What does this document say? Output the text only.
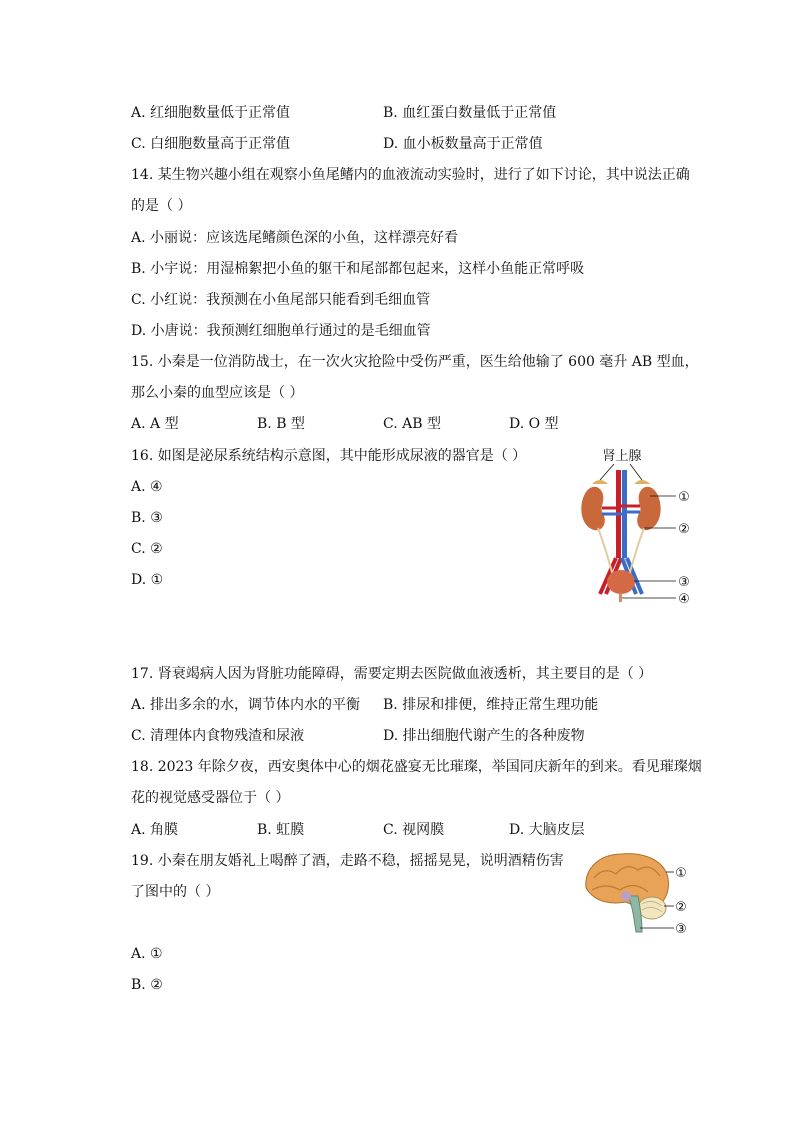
A. 红细胞数量低于正常值	B. 血红蛋白数量低于正常值
C. 白细胞数量高于正常值	D. 血小板数量高于正常值
14. 某生物兴趣小组在观察小鱼尾鳍内的血液流动实验时，进行了如下讨论，其中说法正确
的是（ ）
A. 小丽说：应该选尾鳍颜色深的小鱼，这样漂亮好看
B. 小宇说：用湿棉絮把小鱼的躯干和尾部都包起来，这样小鱼能正常呼吸
C. 小红说：我预测在小鱼尾部只能看到毛细血管
D. 小唐说：我预测红细胞单行通过的是毛细血管
15. 小秦是一位消防战士，在一次火灾抢险中受伤严重，医生给他输了 600 毫升 AB 型血，
那么小秦的血型应该是（ ）
A. A 型	B. B 型	C. AB 型	D. O 型
16. 如图是泌尿系统结构示意图，其中能形成尿液的器官是（ ）
A. ④
B. ③
C. ②
D. ①
肾上腺
①
②
③
④
17. 肾衰竭病人因为肾脏功能障碍，需要定期去医院做血液透析，其主要目的是（ ）
A. 排出多余的水，调节体内水的平衡 B. 排尿和排便，维持正常生理功能
C. 清理体内食物残渣和尿液	D. 排出细胞代谢产生的各种废物
18. 2023 年除夕夜，西安奥体中心的烟花盛宴无比璀璨，举国同庆新年的到来。看见璀璨烟
花的视觉感受器位于（ ）
A. 角膜	B. 虹膜	C. 视网膜	D. 大脑皮层
19. 小秦在朋友婚礼上喝醉了酒，走路不稳，摇摇晃晃，说明酒精伤害
了图中的（ ）
A. ①
B. ②
①
②
③
